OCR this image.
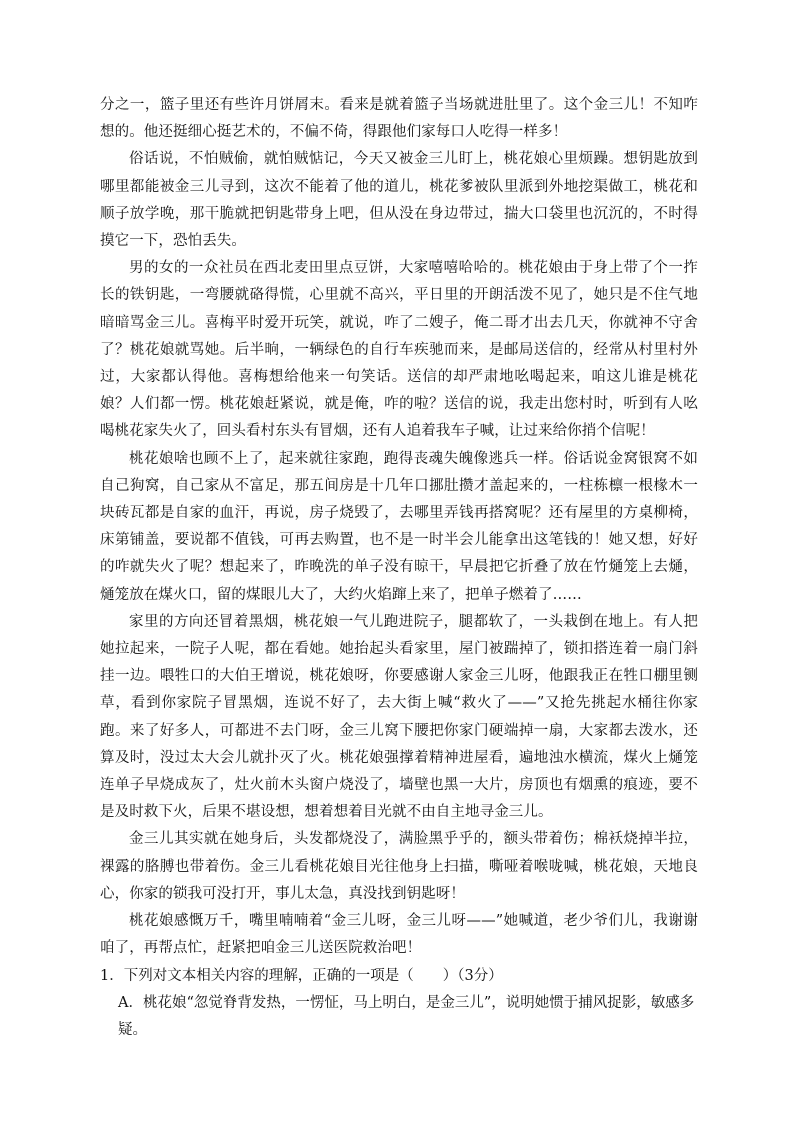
分之一，篮子里还有些许月饼屑末。看来是就着篮子当场就进肚里了。这个金三儿！不知咋想的。他还挺细心挺艺术的，不偏不倚，得跟他们家每口人吃得一样多！

俗话说，不怕贼偷，就怕贼惦记，今天又被金三儿盯上，桃花娘心里烦躁。想钥匙放到哪里都能被金三儿寻到，这次不能着了他的道儿，桃花爹被队里派到外地挖渠做工，桃花和顺子放学晚，那干脆就把钥匙带身上吧，但从没在身边带过，揣大口袋里也沉沉的，不时得摸它一下，恐怕丢失。

男的女的一众社员在西北麦田里点豆饼，大家嘻嘻哈哈的。桃花娘由于身上带了个一拃长的铁钥匙，一弯腰就硌得慌，心里就不高兴，平日里的开朗活泼不见了，她只是不住气地暗暗骂金三儿。喜梅平时爱开玩笑，就说，咋了二嫂子，俺二哥才出去几天，你就神不守舍了？桃花娘就骂她。后半晌，一辆绿色的自行车疾驰而来，是邮局送信的，经常从村里村外过，大家都认得他。喜梅想给他来一句笑话。送信的却严肃地吆喝起来，咱这儿谁是桃花娘？人们都一愣。桃花娘赶紧说，就是俺，咋的啦？送信的说，我走出您村时，听到有人吆喝桃花家失火了，回头看村东头有冒烟，还有人追着我车子喊，让过来给你捎个信呢！

桃花娘啥也顾不上了，起来就往家跑，跑得丧魂失魄像逃兵一样。俗话说金窝银窝不如自己狗窝，自己家从不富足，那五间房是十几年口挪肚攒才盖起来的，一柱栋檩一根椽木一块砖瓦都是自家的血汗，再说，房子烧毁了，去哪里弄钱再搭窝呢？还有屋里的方桌柳椅，床第铺盖，要说都不值钱，可再去购置，也不是一时半会儿能拿出这笔钱的！她又想，好好的咋就失火了呢？想起来了，昨晚洗的单子没有晾干，早晨把它折叠了放在竹熥笼上去熥，熥笼放在煤火口，留的煤眼儿大了，大约火焰蹿上来了，把单子燃着了……

家里的方向还冒着黑烟，桃花娘一气儿跑进院子，腿都软了，一头栽倒在地上。有人把她拉起来，一院子人呢，都在看她。她抬起头看家里，屋门被踹掉了，锁扣搭连着一扇门斜挂一边。喂牲口的大伯王增说，桃花娘呀，你要感谢人家金三儿呀，他跟我正在牲口棚里铡草，看到你家院子冒黑烟，连说不好了，去大街上喊“救火了——”又抢先挑起水桶往你家跑。来了好多人，可都进不去门呀，金三儿窝下腰把你家门硬端掉一扇，大家都去泼水，还算及时，没过太大会儿就扑灭了火。桃花娘强撑着精神进屋看，遍地浊水横流，煤火上熥笼连单子早烧成灰了，灶火前木头窗户烧没了，墙壁也黑一大片，房顶也有烟熏的痕迹，要不是及时救下火，后果不堪设想，想着想着目光就不由自主地寻金三儿。

金三儿其实就在她身后，头发都烧没了，满脸黑乎乎的，额头带着伤；棉袄烧掉半拉，裸露的胳膊也带着伤。金三儿看桃花娘目光往他身上扫描，嘶哑着喉咙喊，桃花娘，天地良心，你家的锁我可没打开，事儿太急，真没找到钥匙呀！

桃花娘感慨万千，嘴里喃喃着“金三儿呀，金三儿呀——”她喊道，老少爷们儿，我谢谢咱了，再帮点忙，赶紧把咱金三儿送医院救治吧！

1．下列对文本相关内容的理解，正确的一项是（　　）（3分）

A．桃花娘“忽觉脊背发热，一愣怔，马上明白，是金三儿”，说明她惯于捕风捉影，敏感多疑。
